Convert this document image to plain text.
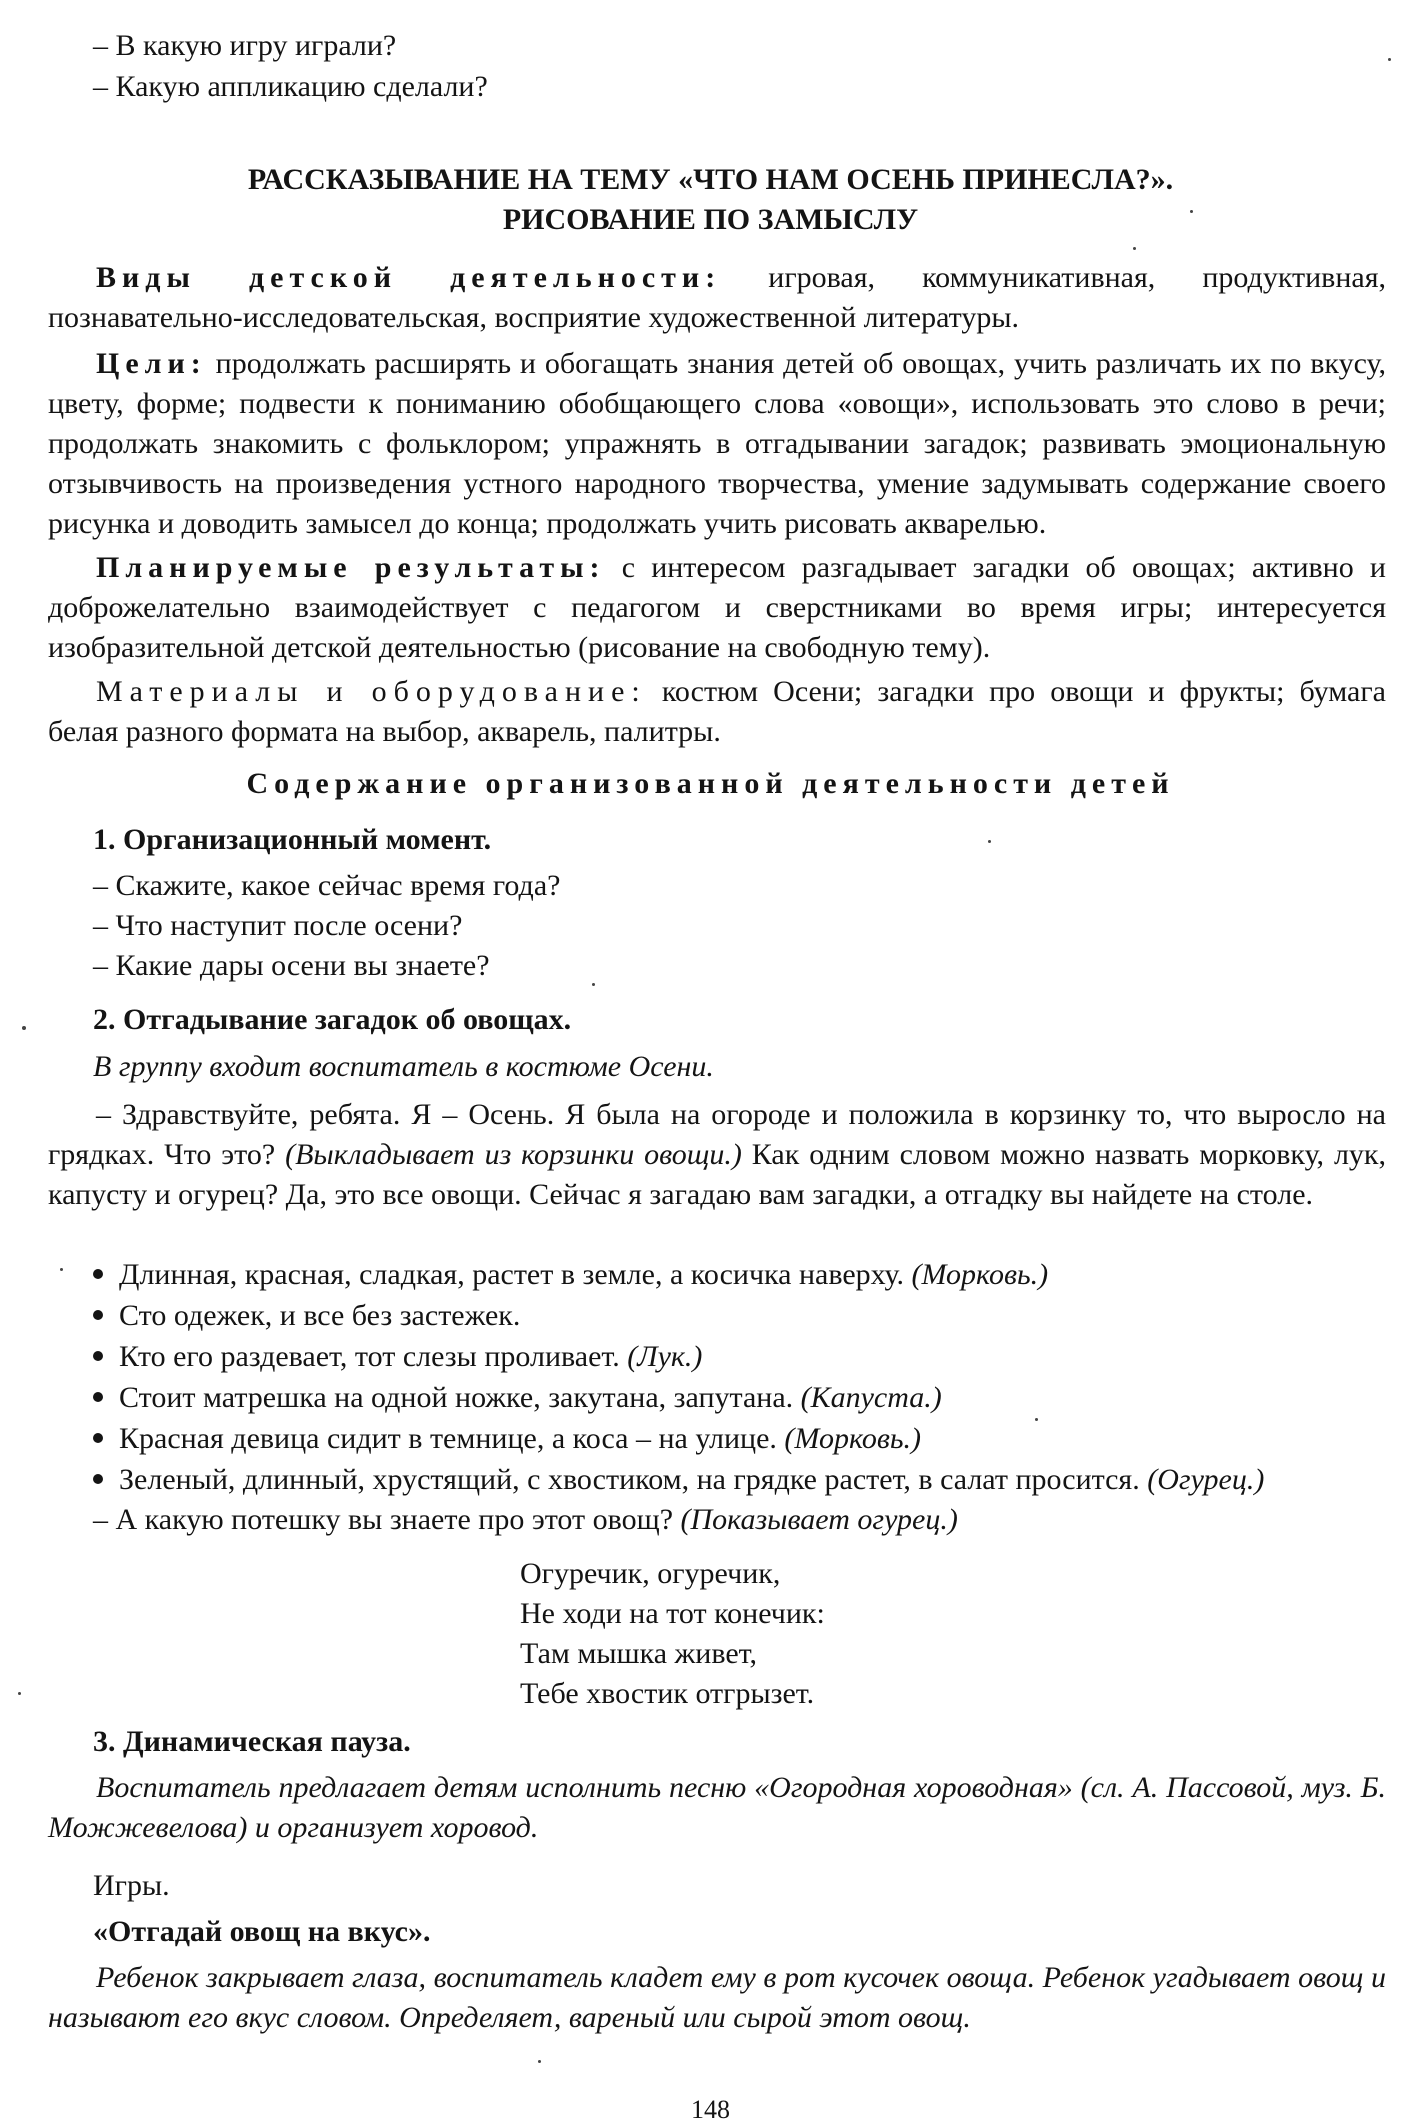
– В какую игру играли?
– Какую аппликацию сделали?
РАССКАЗЫВАНИЕ НА ТЕМУ «ЧТО НАМ ОСЕНЬ ПРИНЕСЛА?».
РИСОВАНИЕ ПО ЗАМЫСЛУ
Виды детской деятельности: игровая, коммуникативная, продуктивная, познавательно-исследовательская, восприятие художественной литературы.
Цели: продолжать расширять и обогащать знания детей об овощах, учить различать их по вкусу, цвету, форме; подвести к пониманию обобщающего слова «овощи», использовать это слово в речи; продолжать знакомить с фольклором; упражнять в отгадывании загадок; развивать эмоциональную отзывчивость на произведения устного народного творчества, умение задумывать содержание своего рисунка и доводить замысел до конца; продолжать учить рисовать акварелью.
Планируемые результаты: с интересом разгадывает загадки об овощах; активно и доброжелательно взаимодействует с педагогом и сверстниками во время игры; интересуется изобразительной детской деятельностью (рисование на свободную тему).
Материалы и оборудование: костюм Осени; загадки про овощи и фрукты; бумага белая разного формата на выбор, акварель, палитры.
Содержание организованной деятельности детей
1. Организационный момент.
– Скажите, какое сейчас время года?
– Что наступит после осени?
– Какие дары осени вы знаете?
2. Отгадывание загадок об овощах.
В группу входит воспитатель в костюме Осени.
– Здравствуйте, ребята. Я – Осень. Я была на огороде и положила в корзинку то, что выросло на грядках. Что это? (Выкладывает из корзинки овощи.) Как одним словом можно назвать морковку, лук, капусту и огурец? Да, это все овощи. Сейчас я загадаю вам загадки, а отгадку вы найдете на столе.
Длинная, красная, сладкая, растет в земле, а косичка наверху. (Морковь.)
Сто одежек, и все без застежек.
Кто его раздевает, тот слезы проливает. (Лук.)
Стоит матрешка на одной ножке, закутана, запутана. (Капуста.)
Красная девица сидит в темнице, а коса – на улице. (Морковь.)
Зеленый, длинный, хрустящий, с хвостиком, на грядке растет, в салат просится. (Огурец.)
– А какую потешку вы знаете про этот овощ? (Показывает огурец.)
Огуречик, огуречик,
Не ходи на тот конечик:
Там мышка живет,
Тебе хвостик отгрызет.
3. Динамическая пауза.
Воспитатель предлагает детям исполнить песню «Огородная хороводная» (сл. А. Пассовой, муз. Б. Можжевелова) и организует хоровод.
Игры.
«Отгадай овощ на вкус».
Ребенок закрывает глаза, воспитатель кладет ему в рот кусочек овоща. Ребенок угадывает овощ и называют его вкус словом. Определяет, вареный или сырой этот овощ.
148
